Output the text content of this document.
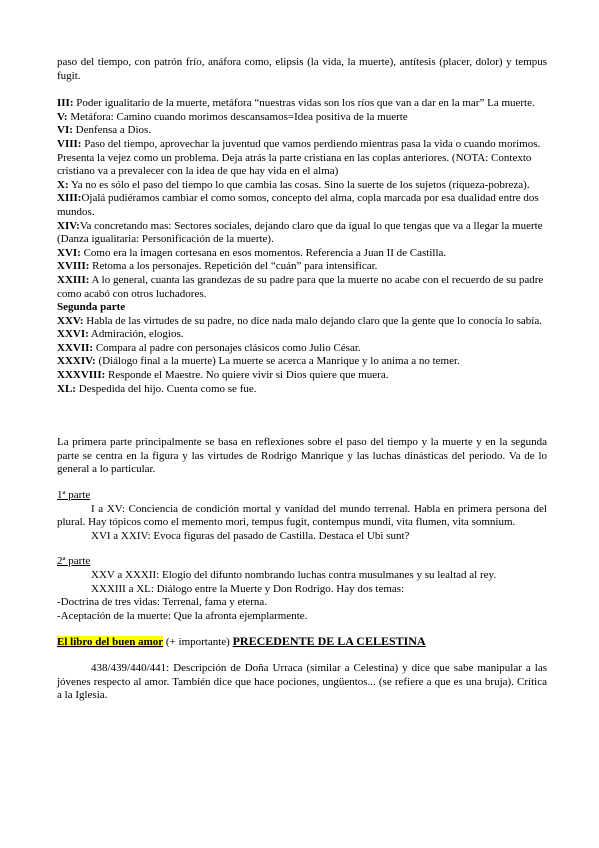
paso del tiempo, con patrón frío, anáfora como, elipsis (la vida, la muerte), antítesis (placer, dolor) y tempus fugit.

III: Poder igualitario de la muerte, metáfora “nuestras vidas son los ríos que van a dar en la mar” La muerte.

V: Metáfora: Camino cuando morimos descansamos=Idea positiva de la muerte

VI: Denfensa a Dios.

VIII: Paso del tiempo, aprovechar la juventud que vamos perdiendo mientras pasa la vida o cuando morimos. Presenta la vejez como un problema. Deja atrás la parte cristiana en las coplas anteriores. (NOTA: Contexto cristiano va a prevalecer con la idea de que hay vida en el alma)

X: Ya no es sólo el paso del tiempo lo que cambia las cosas. Sino la suerte de los sujetos (riqueza-pobreza).

XIII:Ojalá pudiéramos cambiar el como somos, concepto del alma, copla marcada por esa dualidad entre dos mundos.

XIV:Va concretando mas: Sectores sociales, dejando claro que da igual lo que tengas que va a llegar la muerte (Danza igualitaria: Personificación de la muerte).

XVI: Como era la imagen cortesana en esos momentos. Referencia a Juan II de Castilla.

XVIII: Retoma a los personajes. Repetición del “cuán” para intensificar.

XXIII: A lo general, cuanta las grandezas de su padre para que la muerte no acabe con el recuerdo de su padre como acabó con otros luchadores.

Segunda parte

XXV: Habla de las virtudes de su padre, no dice nada malo dejando claro que la gente que lo conocía lo sabía.

XXVI: Admiración, elogios.

XXVII: Compara al padre con personajes clásicos como Julio César.

XXXIV: (Diálogo final a la muerte) La muerte se acerca a Manrique y lo anima a no temer.

XXXVIII: Responde el Maestre. No quiere vivir si Dios quiere que muera.

XL: Despedida del hijo. Cuenta como se fue.

La primera parte principalmente se basa en reflexiones sobre el paso del tiempo y la muerte y en la segunda parte se centra en la figura y las virtudes de Rodrigo Manrique y las luchas dinásticas del periodo. Va de lo general a lo particular.

1ª parte

I a XV: Conciencia de condición mortal y vanidad del mundo terrenal. Habla en primera persona del plural. Hay tópicos como el memento mori, tempus fugit, contempus mundi, vita flumen, vita somnium.

XVI a XXIV: Evoca figuras del pasado de Castilla. Destaca el Ubi sunt?

2ª parte

XXV a XXXII: Elogio del difunto nombrando luchas contra musulmanes y su lealtad al rey.

XXXIII a XL: Diálogo entre la Muerte y Don Rodrigo. Hay dos temas:

-Doctrina de tres vidas: Terrenal, fama y eterna.

-Aceptación de la muerte: Que la afronta ejemplarmente.

El libro del buen amor (+ importante) PRECEDENTE DE LA CELESTINA

438/439/440/441: Descripción de Doña Urraca (similar a Celestina) y dice que sabe manipular a las jóvenes respecto al amor. También dice que hace pociones, ungüentos... (se refiere a que es una bruja). Crítica a la Iglesia.
